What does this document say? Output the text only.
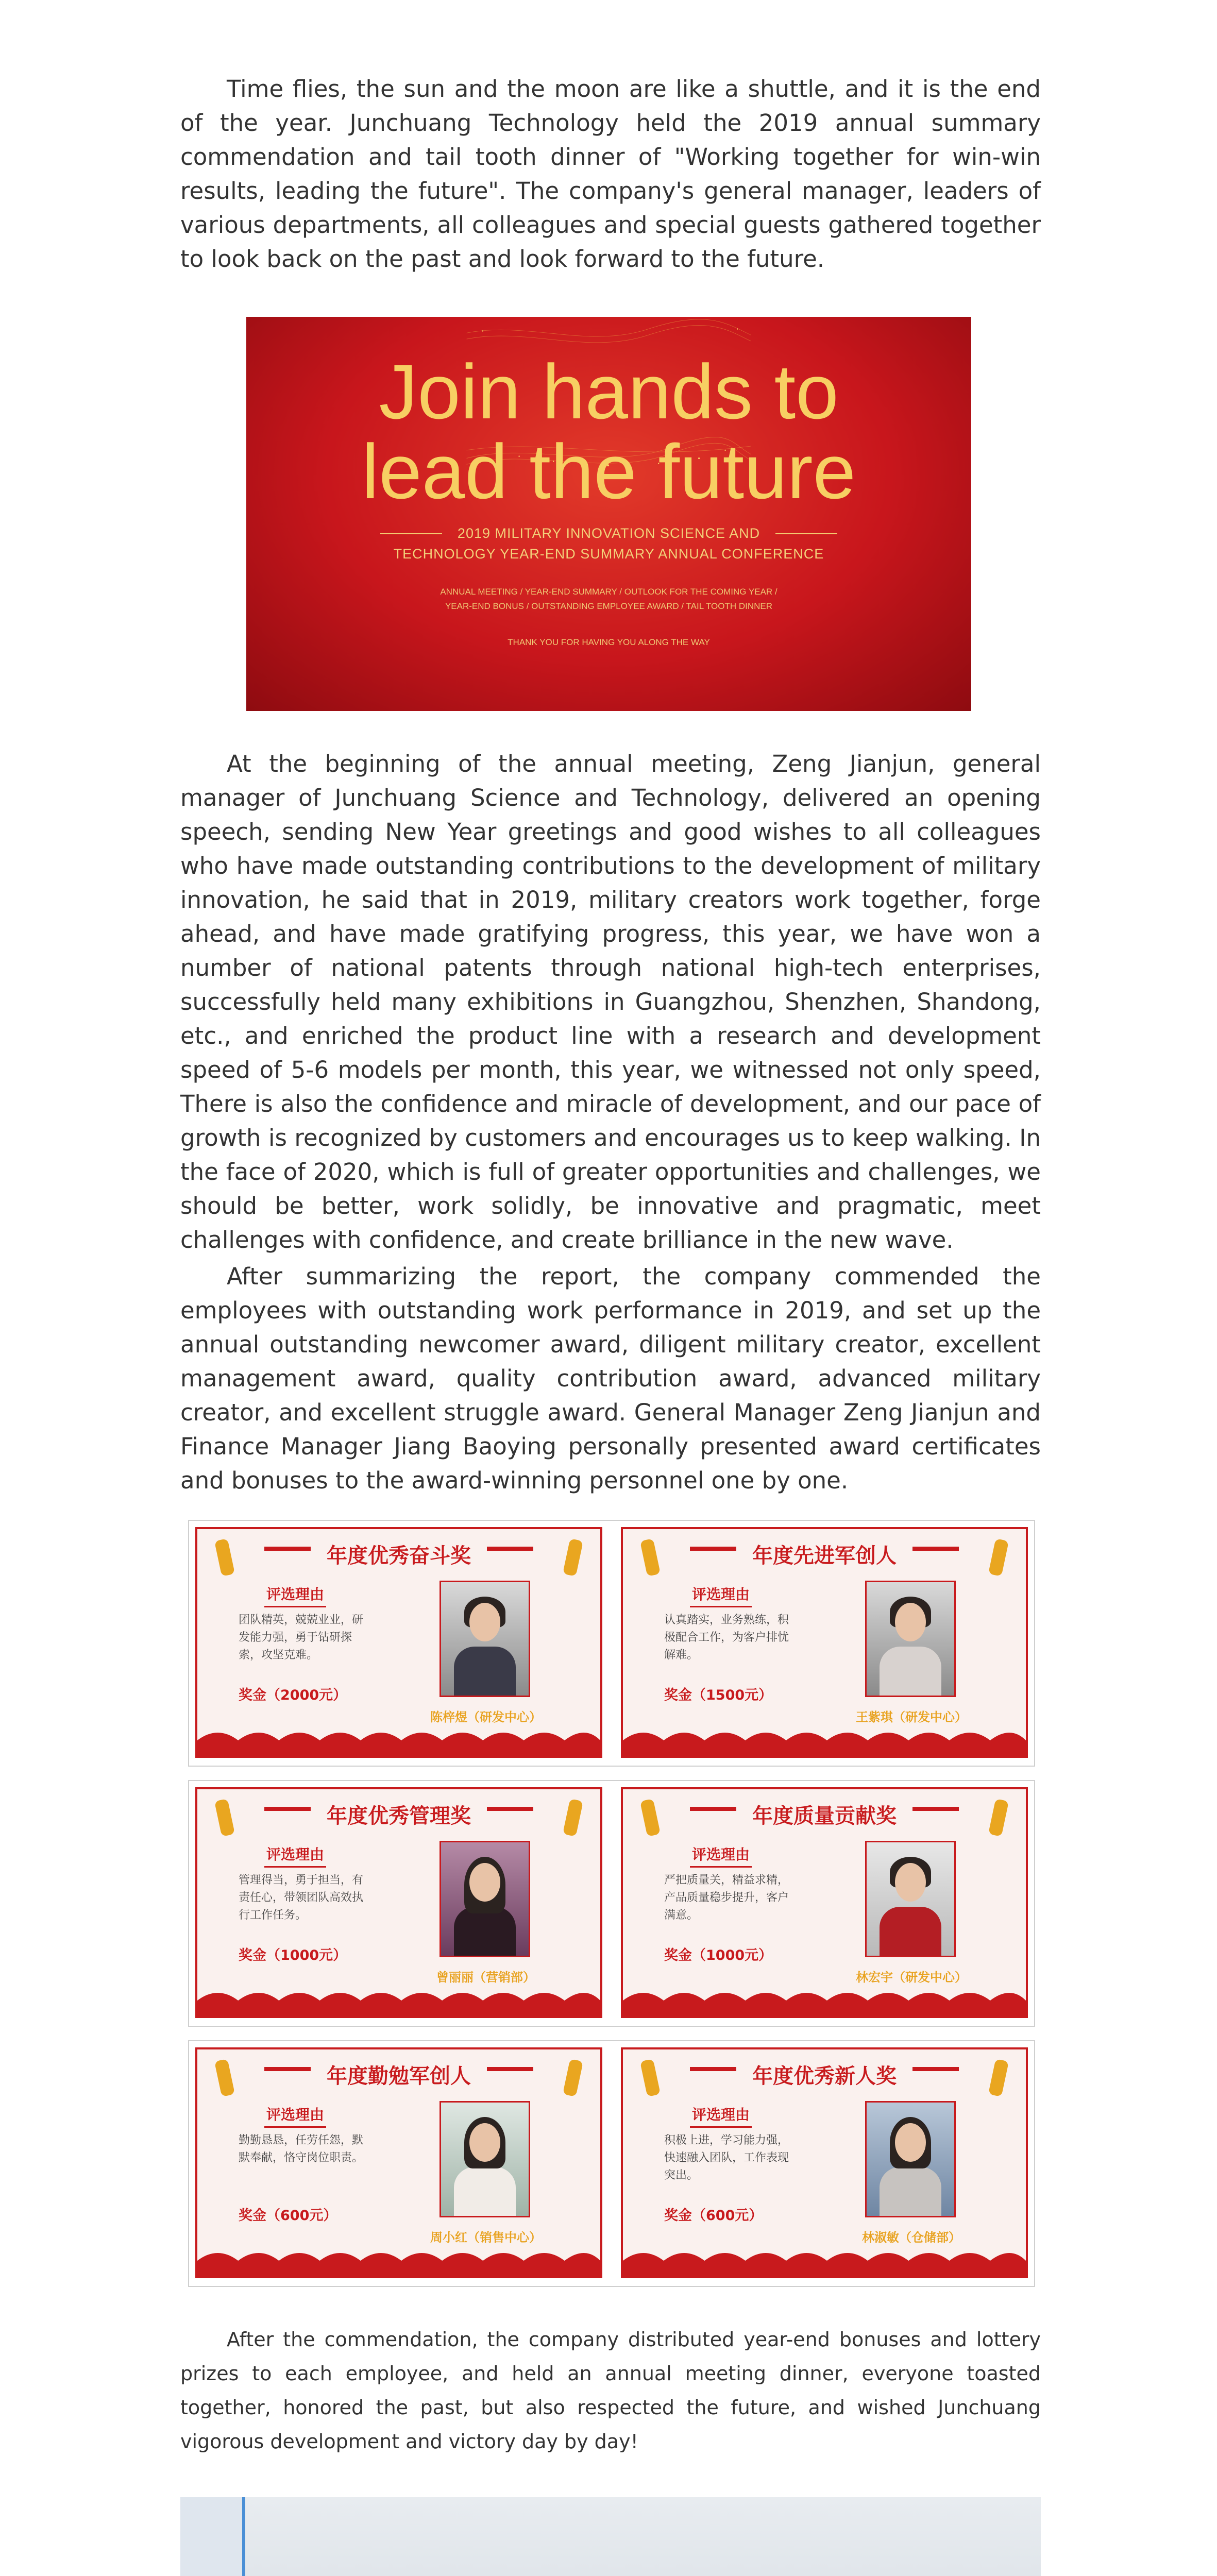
Time flies, the sun and the moon are like a shuttle, and it is the end of the year. Junchuang Technology held the 2019 annual summary commendation and tail tooth dinner of "Working together for win-win results, leading the future". The company's general manager, leaders of various departments, all colleagues and special guests gathered together to look back on the past and look forward to the future.
Join hands to
lead the future
2019 MILITARY INNOVATION SCIENCE AND
TECHNOLOGY YEAR-END SUMMARY ANNUAL CONFERENCE
ANNUAL MEETING / YEAR-END SUMMARY / OUTLOOK FOR THE COMING YEAR /
YEAR-END BONUS / OUTSTANDING EMPLOYEE AWARD / TAIL TOOTH DINNER
THANK YOU FOR HAVING YOU ALONG THE WAY
At the beginning of the annual meeting, Zeng Jianjun, general manager of Junchuang Science and Technology, delivered an opening speech, sending New Year greetings and good wishes to all colleagues who have made outstanding contributions to the development of military innovation, he said that in 2019, military creators work together, forge ahead, and have made gratifying progress, this year, we have won a number of national patents through national high-tech enterprises, successfully held many exhibitions in Guangzhou, Shenzhen, Shandong, etc., and enriched the product line with a research and development speed of 5-6 models per month, this year, we witnessed not only speed, There is also the confidence and miracle of development, and our pace of growth is recognized by customers and encourages us to keep walking. In the face of 2020, which is full of greater opportunities and challenges, we should be better, work solidly, be innovative and pragmatic, meet challenges with confidence, and create brilliance in the new wave.
After summarizing the report, the company commended the employees with outstanding work performance in 2019, and set up the annual outstanding newcomer award, diligent military creator, excellent management award, quality contribution award, advanced military creator, and excellent struggle award. General Manager Zeng Jianjun and Finance Manager Jiang Baoying personally presented award certificates and bonuses to the award-winning personnel one by one.
年度优秀奋斗奖
评选理由
团队精英，兢兢业业，研发能力强，勇于钻研探索，攻坚克难。
奖金（2000元）
陈梓煜（研发中心）
年度先进军创人
评选理由
认真踏实，业务熟练，积极配合工作，为客户排忧解难。
奖金（1500元）
王紫琪（研发中心）
年度优秀管理奖
评选理由
管理得当，勇于担当，有责任心，带领团队高效执行工作任务。
奖金（1000元）
曾丽丽（营销部）
年度质量贡献奖
评选理由
严把质量关，精益求精，产品质量稳步提升，客户满意。
奖金（1000元）
林宏宇（研发中心）
年度勤勉军创人
评选理由
勤勤恳恳，任劳任怨，默默奉献，恪守岗位职责。
奖金（600元）
周小红（销售中心）
年度优秀新人奖
评选理由
积极上进，学习能力强，快速融入团队，工作表现突出。
奖金（600元）
林淑敏（仓储部）
After the commendation, the company distributed year-end bonuses and lottery prizes to each employee, and held an annual meeting dinner, everyone toasted together, honored the past, but also respected the future, and wished Junchuang vigorous development and victory day by day!
